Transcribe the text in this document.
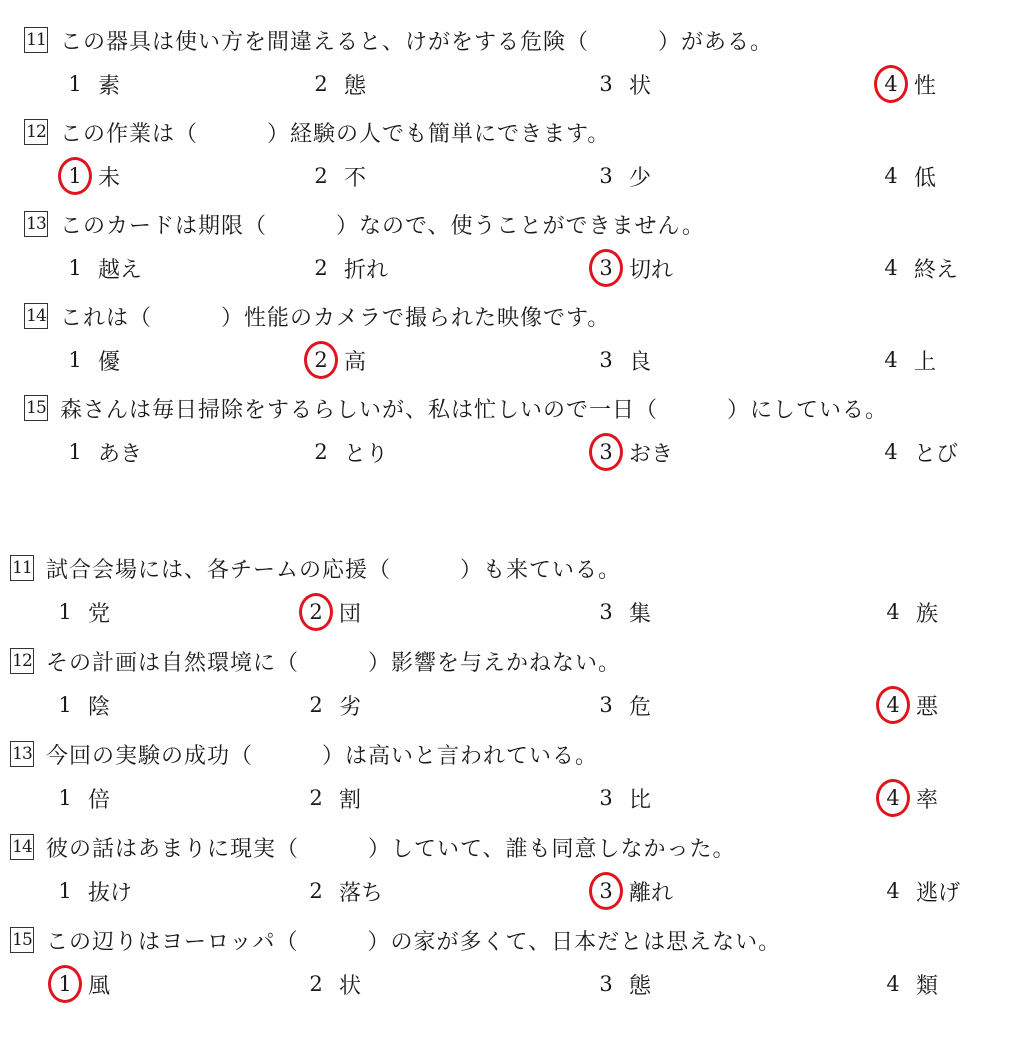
11 この器具は使い方を間違えると、けがをする危険（　　　）がある。
1 素	2 態	3 状	4 性
12 この作業は（　　　）経験の人でも簡単にできます。
1 未	2 不	3 少	4 低
13 このカードは期限（　　　）なので、使うことができません。
1 越え	2 折れ	3 切れ	4 終え
14 これは（　　　）性能のカメラで撮られた映像です。
1 優	2 高	3 良	4 上
15 森さんは毎日掃除をするらしいが、私は忙しいので一日（　　　）にしている。
1 あき	2 とり	3 おき	4 とび
11 試合会場には、各チームの応援（　　　）も来ている。
1 党	2 団	3 集	4 族
12 その計画は自然環境に（　　　）影響を与えかねない。
1 陰	2 劣	3 危	4 悪
13 今回の実験の成功（　　　）は高いと言われている。
1 倍	2 割	3 比	4 率
14 彼の話はあまりに現実（　　　）していて、誰も同意しなかった。
1 抜け	2 落ち	3 離れ	4 逃げ
15 この辺りはヨーロッパ（　　　）の家が多くて、日本だとは思えない。
1 風	2 状	3 態	4 類
